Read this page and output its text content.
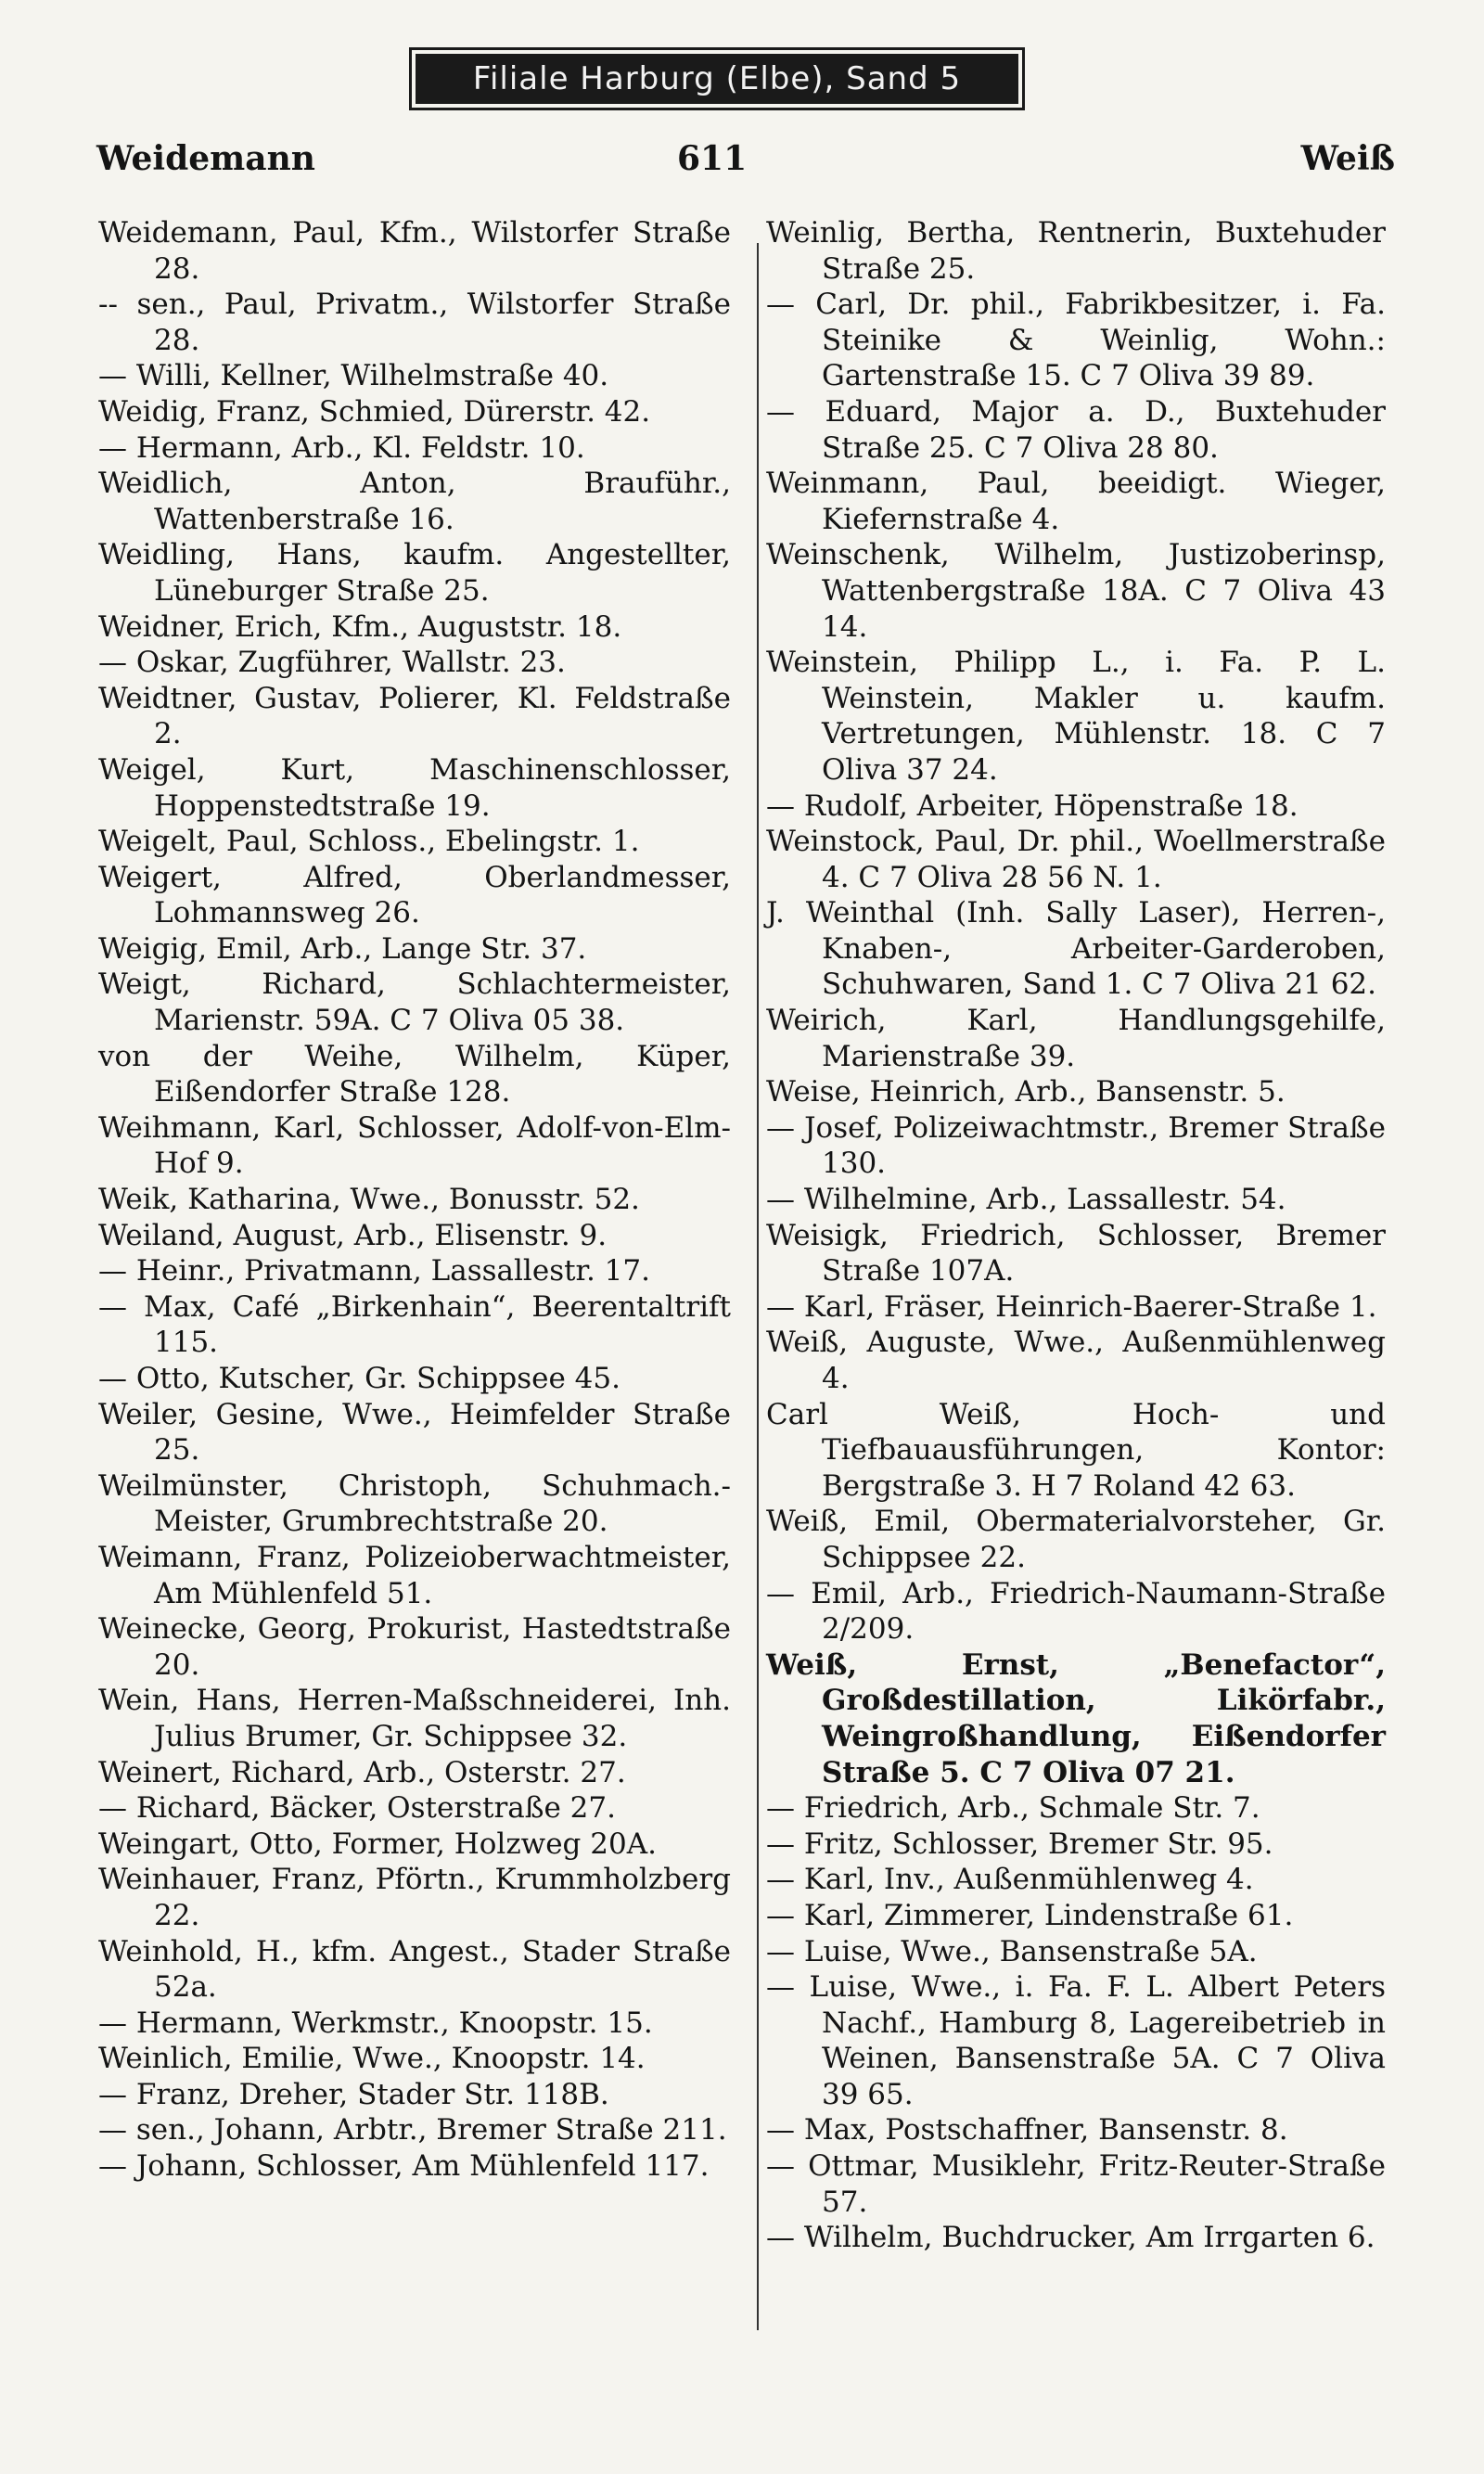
Filiale Harburg (Elbe), Sand 5
Weidemann	611	Weiß
Weidemann, Paul, Kfm., Wilstorfer Straße 28.
-- sen., Paul, Privatm., Wilstorfer Straße 28.
— Willi, Kellner, Wilhelmstraße 40.
Weidig, Franz, Schmied, Dürerstr. 42.
— Hermann, Arb., Kl. Feldstr. 10.
Weidlich, Anton, Brauführ., Wattenberstraße 16.
Weidling, Hans, kaufm. Angestellter, Lüneburger Straße 25.
Weidner, Erich, Kfm., Auguststr. 18.
— Oskar, Zugführer, Wallstr. 23.
Weidtner, Gustav, Polierer, Kl. Feldstraße 2.
Weigel, Kurt, Maschinenschlosser, Hoppenstedtstraße 19.
Weigelt, Paul, Schloss., Ebelingstr. 1.
Weigert, Alfred, Oberlandmesser, Lohmannsweg 26.
Weigig, Emil, Arb., Lange Str. 37.
Weigt, Richard, Schlachtermeister, Marienstr. 59A. C 7 Oliva 05 38.
von der Weihe, Wilhelm, Küper, Eißendorfer Straße 128.
Weihmann, Karl, Schlosser, Adolf-von-Elm-Hof 9.
Weik, Katharina, Wwe., Bonusstr. 52.
Weiland, August, Arb., Elisenstr. 9.
— Heinr., Privatmann, Lassallestr. 17.
— Max, Café „Birkenhain“, Beerentaltrift 115.
— Otto, Kutscher, Gr. Schippsee 45.
Weiler, Gesine, Wwe., Heimfelder Straße 25.
Weilmünster, Christoph, Schuhmach.-Meister, Grumbrechtstraße 20.
Weimann, Franz, Polizeioberwachtmeister, Am Mühlenfeld 51.
Weinecke, Georg, Prokurist, Hastedtstraße 20.
Wein, Hans, Herren-Maßschneiderei, Inh. Julius Brumer, Gr. Schippsee 32.
Weinert, Richard, Arb., Osterstr. 27.
— Richard, Bäcker, Osterstraße 27.
Weingart, Otto, Former, Holzweg 20A.
Weinhauer, Franz, Pförtn., Krummholzberg 22.
Weinhold, H., kfm. Angest., Stader Straße 52a.
— Hermann, Werkmstr., Knoopstr. 15.
Weinlich, Emilie, Wwe., Knoopstr. 14.
— Franz, Dreher, Stader Str. 118B.
— sen., Johann, Arbtr., Bremer Straße 211.
— Johann, Schlosser, Am Mühlenfeld 117.
Weinlig, Bertha, Rentnerin, Buxtehuder Straße 25.
— Carl, Dr. phil., Fabrikbesitzer, i. Fa. Steinike & Weinlig, Wohn.: Gartenstraße 15. C 7 Oliva 39 89.
— Eduard, Major a. D., Buxtehuder Straße 25. C 7 Oliva 28 80.
Weinmann, Paul, beeidigt. Wieger, Kiefernstraße 4.
Weinschenk, Wilhelm, Justizoberinsp, Wattenbergstraße 18A. C 7 Oliva 43 14.
Weinstein, Philipp L., i. Fa. P. L. Weinstein, Makler u. kaufm. Vertretungen, Mühlenstr. 18. C 7 Oliva 37 24.
— Rudolf, Arbeiter, Höpenstraße 18.
Weinstock, Paul, Dr. phil., Woellmerstraße 4. C 7 Oliva 28 56 N. 1.
J. Weinthal (Inh. Sally Laser), Herren-, Knaben-, Arbeiter-Garderoben, Schuhwaren, Sand 1. C 7 Oliva 21 62.
Weirich, Karl, Handlungsgehilfe, Marienstraße 39.
Weise, Heinrich, Arb., Bansenstr. 5.
— Josef, Polizeiwachtmstr., Bremer Straße 130.
— Wilhelmine, Arb., Lassallestr. 54.
Weisigk, Friedrich, Schlosser, Bremer Straße 107A.
— Karl, Fräser, Heinrich-Baerer-Straße 1.
Weiß, Auguste, Wwe., Außenmühlenweg 4.
Carl Weiß, Hoch- und Tiefbauausführungen, Kontor: Bergstraße 3. H 7 Roland 42 63.
Weiß, Emil, Obermaterialvorsteher, Gr. Schippsee 22.
— Emil, Arb., Friedrich-Naumann-Straße 2/209.
Weiß, Ernst, „Benefactor“, Großdestillation, Likörfabr., Weingroßhandlung, Eißendorfer Straße 5. C 7 Oliva 07 21.
— Friedrich, Arb., Schmale Str. 7.
— Fritz, Schlosser, Bremer Str. 95.
— Karl, Inv., Außenmühlenweg 4.
— Karl, Zimmerer, Lindenstraße 61.
— Luise, Wwe., Bansenstraße 5A.
— Luise, Wwe., i. Fa. F. L. Albert Peters Nachf., Hamburg 8, Lagereibetrieb in Weinen, Bansenstraße 5A. C 7 Oliva 39 65.
— Max, Postschaffner, Bansenstr. 8.
— Ottmar, Musiklehr, Fritz-Reuter-Straße 57.
— Wilhelm, Buchdrucker, Am Irrgarten 6.
